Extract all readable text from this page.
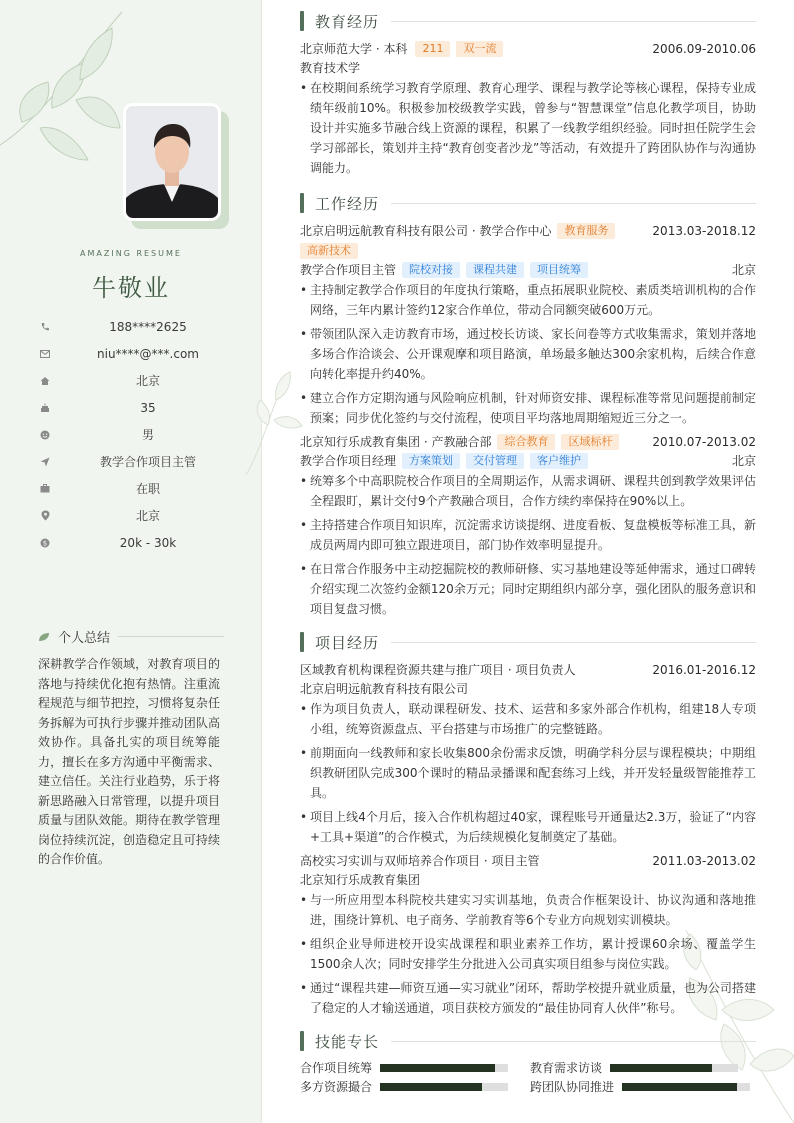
AMAZING RESUME
牛敬业
188****2625
niu****@***.com
北京
35
男
教学合作项目主管
在职
北京
$	20k - 30k
个人总结
深耕教学合作领域，对教育项目的落地与持续优化抱有热情。注重流程规范与细节把控，习惯将复杂任务拆解为可执行步骤并推动团队高效协作。具备扎实的项目统筹能力，擅长在多方沟通中平衡需求、建立信任。关注行业趋势，乐于将新思路融入日常管理，以提升项目质量与团队效能。期待在教学管理岗位持续沉淀，创造稳定且可持续的合作价值。
教育经历
北京师范大学 · 本科	211	双一流	2006.09-2010.06
教育技术学
• 在校期间系统学习教育学原理、教育心理学、课程与教学论等核心课程，保持专业成绩年级前10%。积极参加校级教学实践，曾参与“智慧课堂”信息化教学项目，协助设计并实施多节融合线上资源的课程，积累了一线教学组织经验。同时担任院学生会学习部部长，策划并主持“教育创变者沙龙”等活动，有效提升了跨团队协作与沟通协调能力。
工作经历
北京启明远航教育科技有限公司 · 教学合作中心	教育服务	2013.03-2018.12
高新技术
教学合作项目主管	院校对接	课程共建	项目统筹	北京
• 主持制定教学合作项目的年度执行策略，重点拓展职业院校、素质类培训机构的合作网络，三年内累计签约12家合作单位，带动合同额突破600万元。
• 带领团队深入走访教育市场，通过校长访谈、家长问卷等方式收集需求，策划并落地多场合作洽谈会、公开课观摩和项目路演，单场最多触达300余家机构，后续合作意向转化率提升约40%。
• 建立合作方定期沟通与风险响应机制，针对师资安排、课程标准等常见问题提前制定预案；同步优化签约与交付流程，使项目平均落地周期缩短近三分之一。
北京知行乐成教育集团 · 产教融合部	综合教育	区域标杆	2010.07-2013.02
教学合作项目经理	方案策划	交付管理	客户维护	北京
• 统筹多个中高职院校合作项目的全周期运作，从需求调研、课程共创到教学效果评估全程跟盯，累计交付9个产教融合项目，合作方续约率保持在90%以上。
• 主持搭建合作项目知识库，沉淀需求访谈提纲、进度看板、复盘模板等标准工具，新成员两周内即可独立跟进项目，部门协作效率明显提升。
• 在日常合作服务中主动挖掘院校的教师研修、实习基地建设等延伸需求，通过口碑转介绍实现二次签约金额120余万元；同时定期组织内部分享，强化团队的服务意识和项目复盘习惯。
项目经历
区域教育机构课程资源共建与推广项目 · 项目负责人	2016.01-2016.12
北京启明远航教育科技有限公司
• 作为项目负责人，联动课程研发、技术、运营和多家外部合作机构，组建18人专项小组，统筹资源盘点、平台搭建与市场推广的完整链路。
• 前期面向一线教师和家长收集800余份需求反馈，明确学科分层与课程模块；中期组织教研团队完成300个课时的精品录播课和配套练习上线，并开发轻量级智能推荐工具。
• 项目上线4个月后，接入合作机构超过40家，课程账号开通量达2.3万，验证了“内容+工具+渠道”的合作模式，为后续规模化复制奠定了基础。
高校实习实训与双师培养合作项目 · 项目主管	2011.03-2013.02
北京知行乐成教育集团
• 与一所应用型本科院校共建实习实训基地，负责合作框架设计、协议沟通和落地推进，围绕计算机、电子商务、学前教育等6个专业方向规划实训模块。
• 组织企业导师进校开设实战课程和职业素养工作坊，累计授课60余场、覆盖学生1500余人次；同时安排学生分批进入公司真实项目组参与岗位实践。
• 通过“课程共建—师资互通—实习就业”闭环，帮助学校提升就业质量，也为公司搭建了稳定的人才输送通道，项目获校方颁发的“最佳协同育人伙伴”称号。
技能专长
合作项目统筹	教育需求访谈
多方资源撮合	跨团队协同推进
